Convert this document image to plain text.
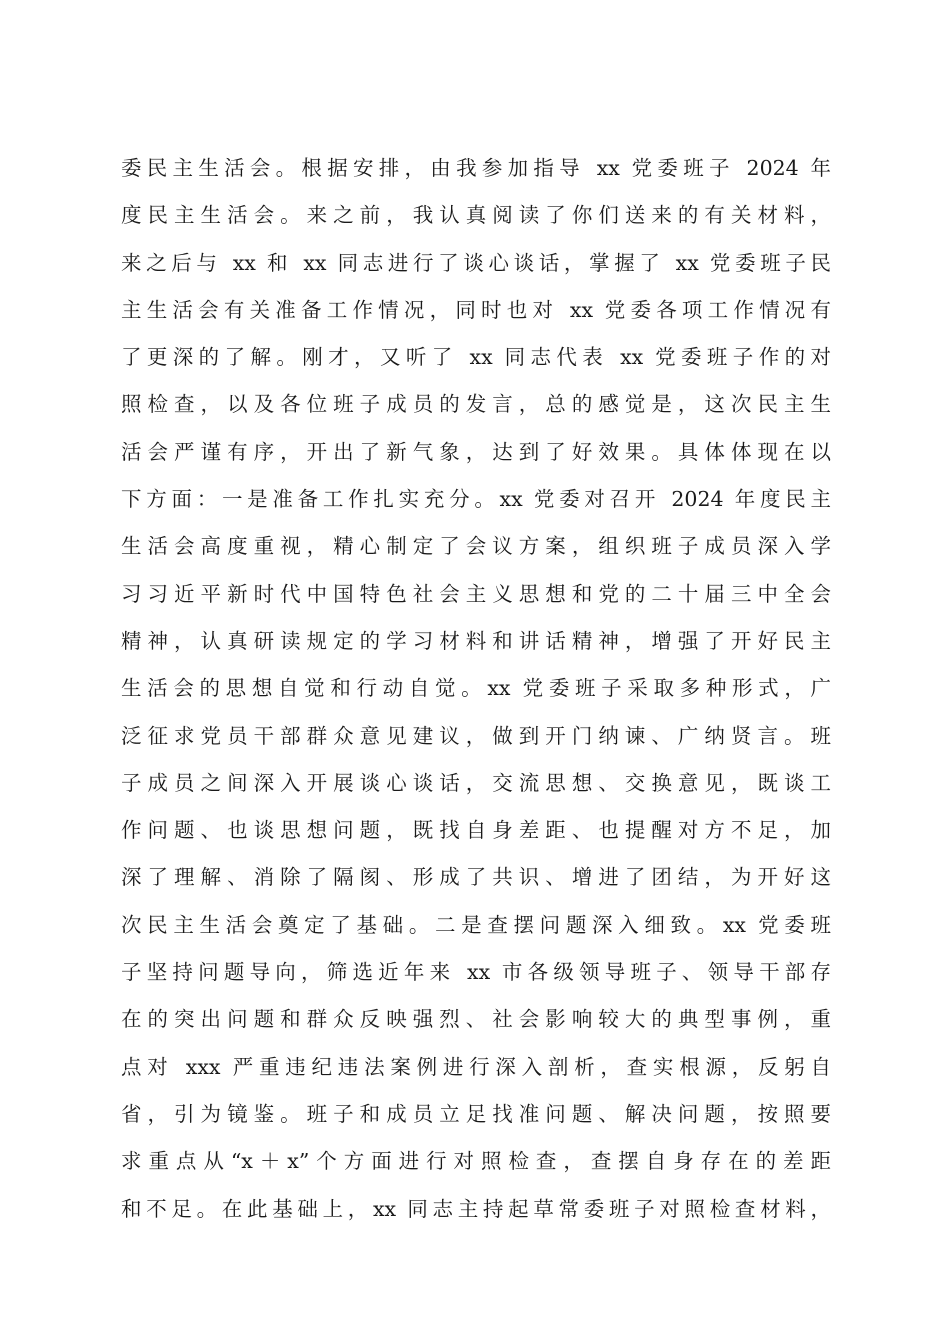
委民主生活会。根据安排，由我参加指导 xx 党委班子 2024 年
度民主生活会。来之前，我认真阅读了你们送来的有关材料，
来之后与 xx 和 xx 同志进行了谈心谈话，掌握了 xx 党委班子民
主生活会有关准备工作情况，同时也对 xx 党委各项工作情况有
了更深的了解。刚才，又听了 xx 同志代表 xx 党委班子作的对
照检查，以及各位班子成员的发言，总的感觉是，这次民主生
活会严谨有序，开出了新气象，达到了好效果。具体体现在以
下方面：一是准备工作扎实充分。xx 党委对召开 2024 年度民主
生活会高度重视，精心制定了会议方案，组织班子成员深入学
习习近平新时代中国特色社会主义思想和党的二十届三中全会
精神，认真研读规定的学习材料和讲话精神，增强了开好民主
生活会的思想自觉和行动自觉。xx 党委班子采取多种形式，广
泛征求党员干部群众意见建议，做到开门纳谏、广纳贤言。班
子成员之间深入开展谈心谈话，交流思想、交换意见，既谈工
作问题、也谈思想问题，既找自身差距、也提醒对方不足，加
深了理解、消除了隔阂、形成了共识、增进了团结，为开好这
次民主生活会奠定了基础。二是查摆问题深入细致。xx 党委班
子坚持问题导向，筛选近年来 xx 市各级领导班子、领导干部存
在的突出问题和群众反映强烈、社会影响较大的典型事例，重
点对 xxx 严重违纪违法案例进行深入剖析，查实根源，反躬自
省，引为镜鉴。班子和成员立足找准问题、解决问题，按照要
求重点从“x＋x”个方面进行对照检查，查摆自身存在的差距
和不足。在此基础上，xx 同志主持起草常委班子对照检查材料，
